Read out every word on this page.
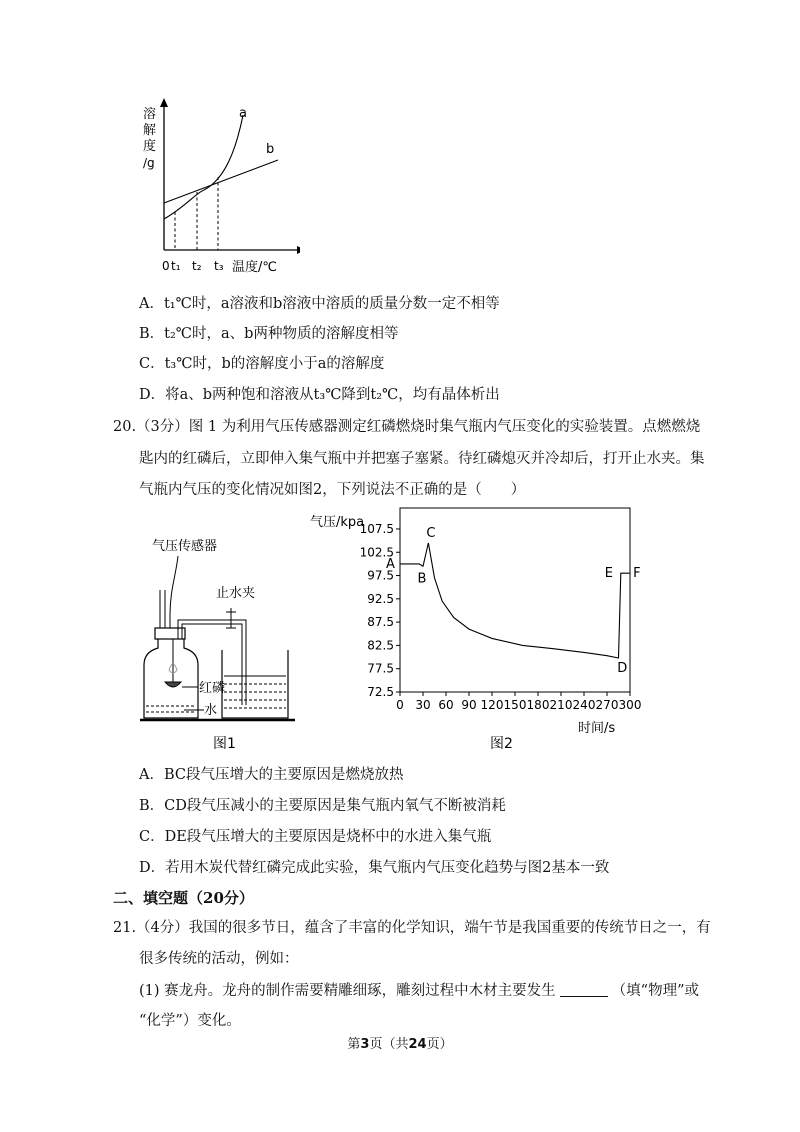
溶
解
度
/g
a
b
0 t₁ t₂ t₃ 温度/℃
A．t₁℃时，a溶液和b溶液中溶质的质量分数一定不相等
B．t₂℃时，a、b两种物质的溶解度相等
C．t₃℃时，b的溶解度小于a的溶解度
D．将a、b两种饱和溶液从t₃℃降到t₂℃，均有晶体析出
20.（3分）图 1 为利用气压传感器测定红磷燃烧时集气瓶内气压变化的实验装置。点燃燃烧
匙内的红磷后，立即伸入集气瓶中并把塞子塞紧。待红磷熄灭并冷却后，打开止水夹。集
气瓶内气压的变化情况如图2，下列说法不正确的是（　　）
气压传感器
止水夹
红磷
水
图1
气压/kpa
时间/s
图2
72.5
77.5
82.5
87.5
92.5
97.5
102.5
107.5
0 30 60 90 120 150 180 210 240 270 300
A
B
C
D
E F
A．BC段气压增大的主要原因是燃烧放热
B．CD段气压减小的主要原因是集气瓶内氧气不断被消耗
C．DE段气压增大的主要原因是烧杯中的水进入集气瓶
D．若用木炭代替红磷完成此实验，集气瓶内气压变化趋势与图2基本一致
二、填空题（20分）
21.（4分）我国的很多节日，蕴含了丰富的化学知识，端午节是我国重要的传统节日之一，有
很多传统的活动，例如：
(1) 赛龙舟。龙舟的制作需要精雕细琢，雕刻过程中木材主要发生	（填“物理”或
“化学”）变化。
第3页（共24页）
